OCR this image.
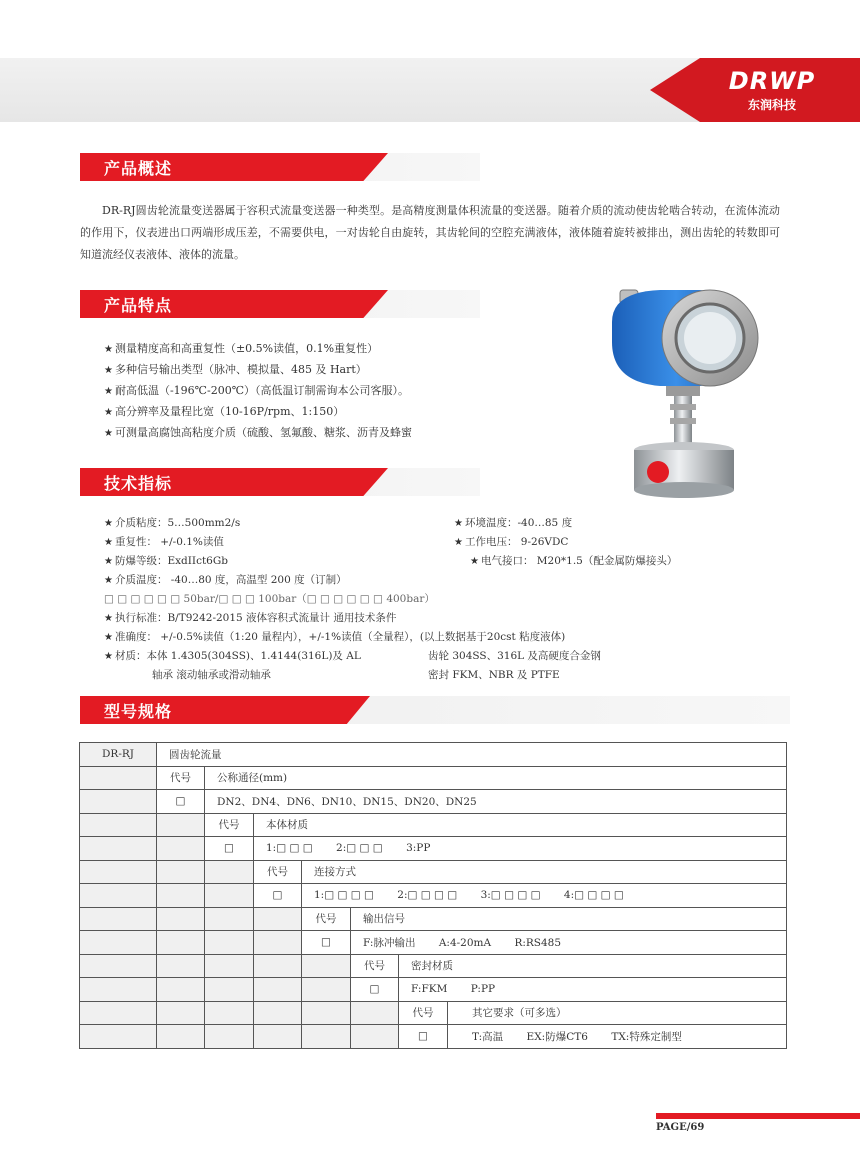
DRWP
东润科技
产品概述
DR-RJ圆齿轮流量变送器属于容积式流量变送器一种类型。是高精度测量体积流量的变送器。随着介质的流动使齿轮啮合转动，在流体流动的作用下，仪表进出口两端形成压差，不需要供电，一对齿轮自由旋转，其齿轮间的空腔充满液体，液体随着旋转被排出，测出齿轮的转数即可知道流经仪表液体、液体的流量。
产品特点
★ 测量精度高和高重复性（±0.5%读值，0.1%重复性）
★ 多种信号输出类型（脉冲、模拟量、485 及 Hart）
★ 耐高低温（-196℃-200℃）（高低温订制需询本公司客服）。
★ 高分辨率及量程比宽（10-16P/rpm、1:150）
★ 可测量高腐蚀高粘度介质（硫酸、氢氟酸、糖浆、沥青及蜂蜜
技术指标
★ 介质粘度：5…500mm2/s	★ 环境温度：-40…85 度
★ 重复性： +/-0.1%读值	★ 工作电压： 9-26VDC
★ 防爆等级：ExdIIct6Gb	★ 电气接口： M20*1.5（配金属防爆接头）
★ 介质温度： -40…80 度，高温型 200 度（订制）
□ □ □ □ □ □ 50bar/□ □ □ 100bar（□ □ □ □ □ □ 400bar）
★ 执行标准：B/T9242-2015 液体容积式流量计 通用技术条件
★ 准确度： +/-0.5%读值（1:20 量程内），+/-1%读值（全量程），(以上数据基于20cst 粘度液体)
★ 材质：本体 1.4305(304SS)、1.4144(316L)及 AL	齿轮 304SS、316L 及高硬度合金钢
轴承 滚动轴承或滑动轴承	密封 FKM、NBR 及 PTFE
型号规格
DR-RJ	圆齿轮流量						
	代号	公称通径(mm)					
	□	DN2、DN4、DN6、DN10、DN15、DN20、DN25					
		代号	本体材质				
		□	1:□ □ □ 2:□ □ □ 3:PP				
			代号	连接方式			
			□	1:□ □ □ □ 2:□ □ □ □ 3:□ □ □ □ 4:□ □ □ □			
				代号	输出信号		
				□	F:脉冲输出 A:4-20mA R:RS485		
					代号	密封材质	
					□	F:FKM P:PP	
						代号	其它要求（可多选）
						□	T:高温 EX:防爆CT6 TX:特殊定制型
PAGE/69
